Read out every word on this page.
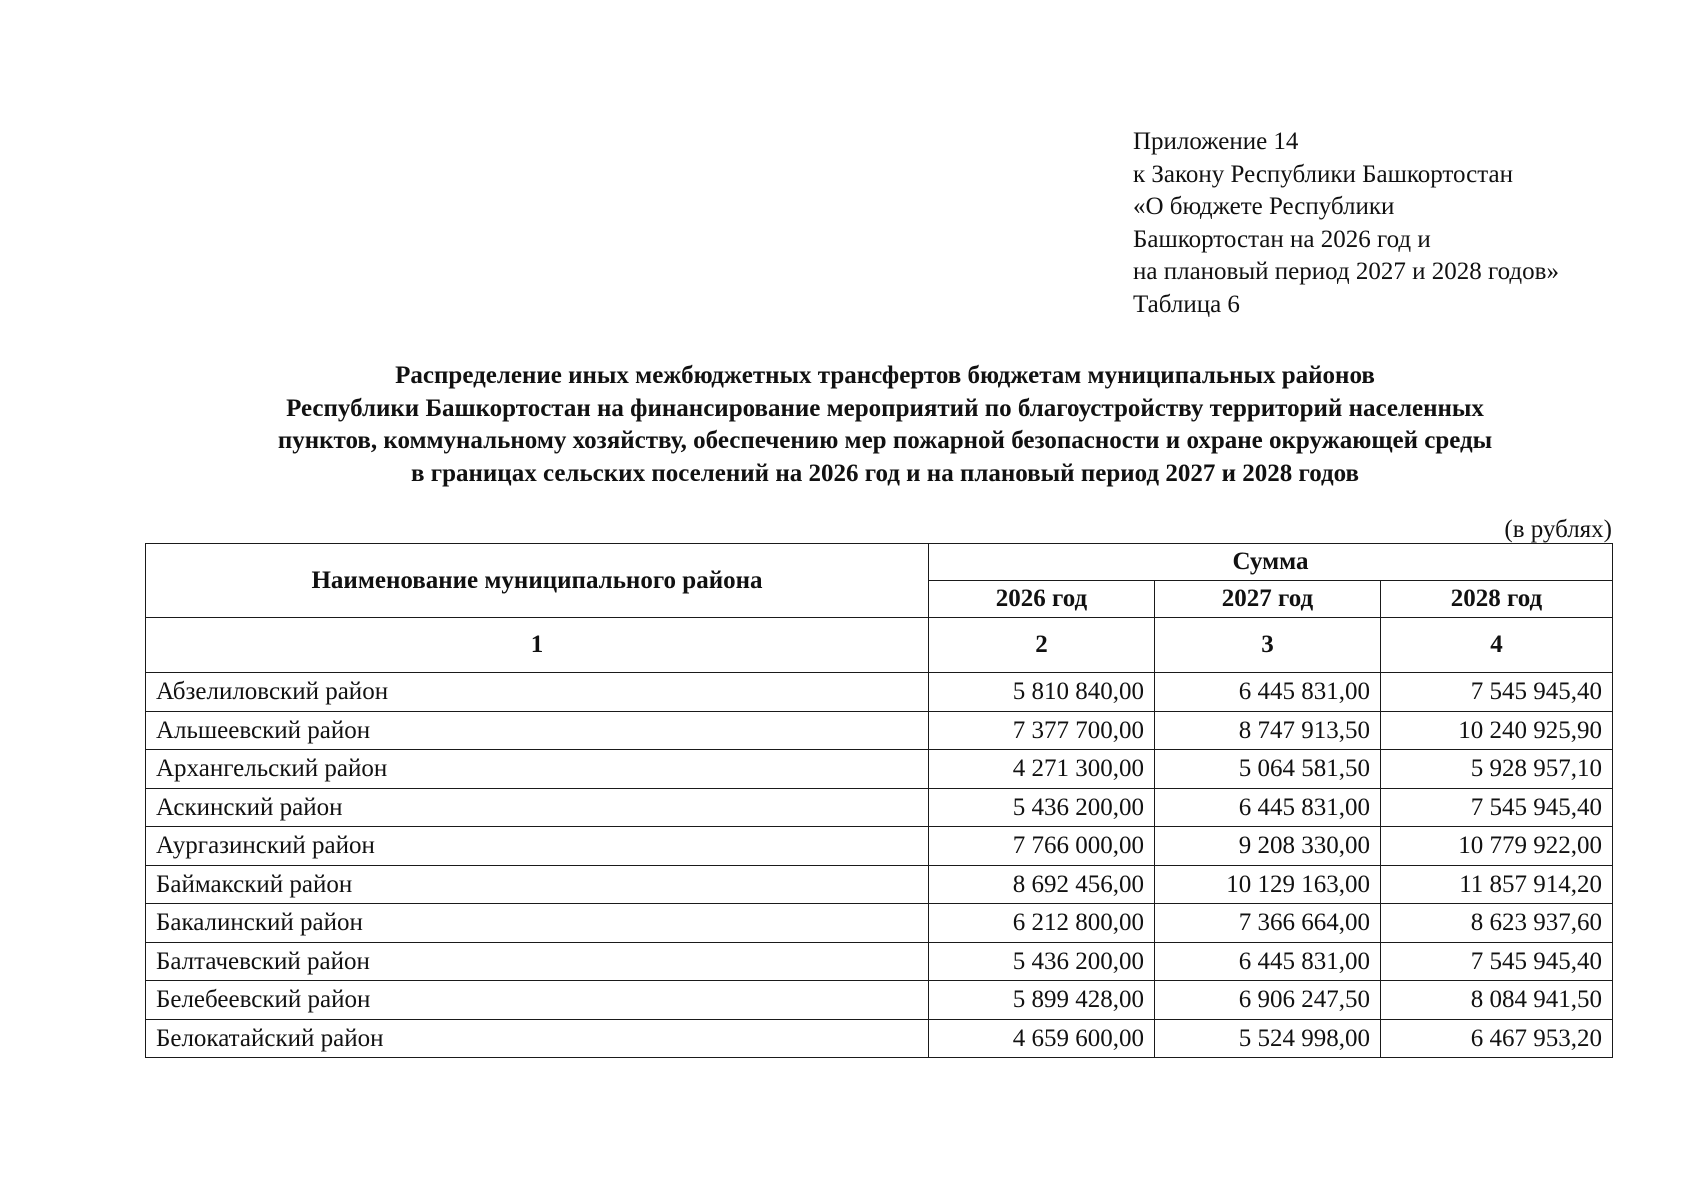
Приложение 14
к Закону Республики Башкортостан
«О бюджете Республики
Башкортостан на 2026 год и
на плановый период 2027 и 2028 годов»
Таблица 6
Распределение иных межбюджетных трансфертов бюджетам муниципальных районов
Республики Башкортостан на финансирование мероприятий по благоустройству территорий населенных
пунктов, коммунальному хозяйству, обеспечению мер пожарной безопасности и охране окружающей среды
в границах сельских поселений на 2026 год и на плановый период 2027 и 2028 годов
(в рублях)
Наименование муниципального района	Сумма		
	2026 год	2027 год	2028 год
1	2	3	4
Абзелиловский район	5 810 840,00	6 445 831,00	7 545 945,40
Альшеевский район	7 377 700,00	8 747 913,50	10 240 925,90
Архангельский район	4 271 300,00	5 064 581,50	5 928 957,10
Аскинский район	5 436 200,00	6 445 831,00	7 545 945,40
Аургазинский район	7 766 000,00	9 208 330,00	10 779 922,00
Баймакский район	8 692 456,00	10 129 163,00	11 857 914,20
Бакалинский район	6 212 800,00	7 366 664,00	8 623 937,60
Балтачевский район	5 436 200,00	6 445 831,00	7 545 945,40
Белебеевский район	5 899 428,00	6 906 247,50	8 084 941,50
Белокатайский район	4 659 600,00	5 524 998,00	6 467 953,20
